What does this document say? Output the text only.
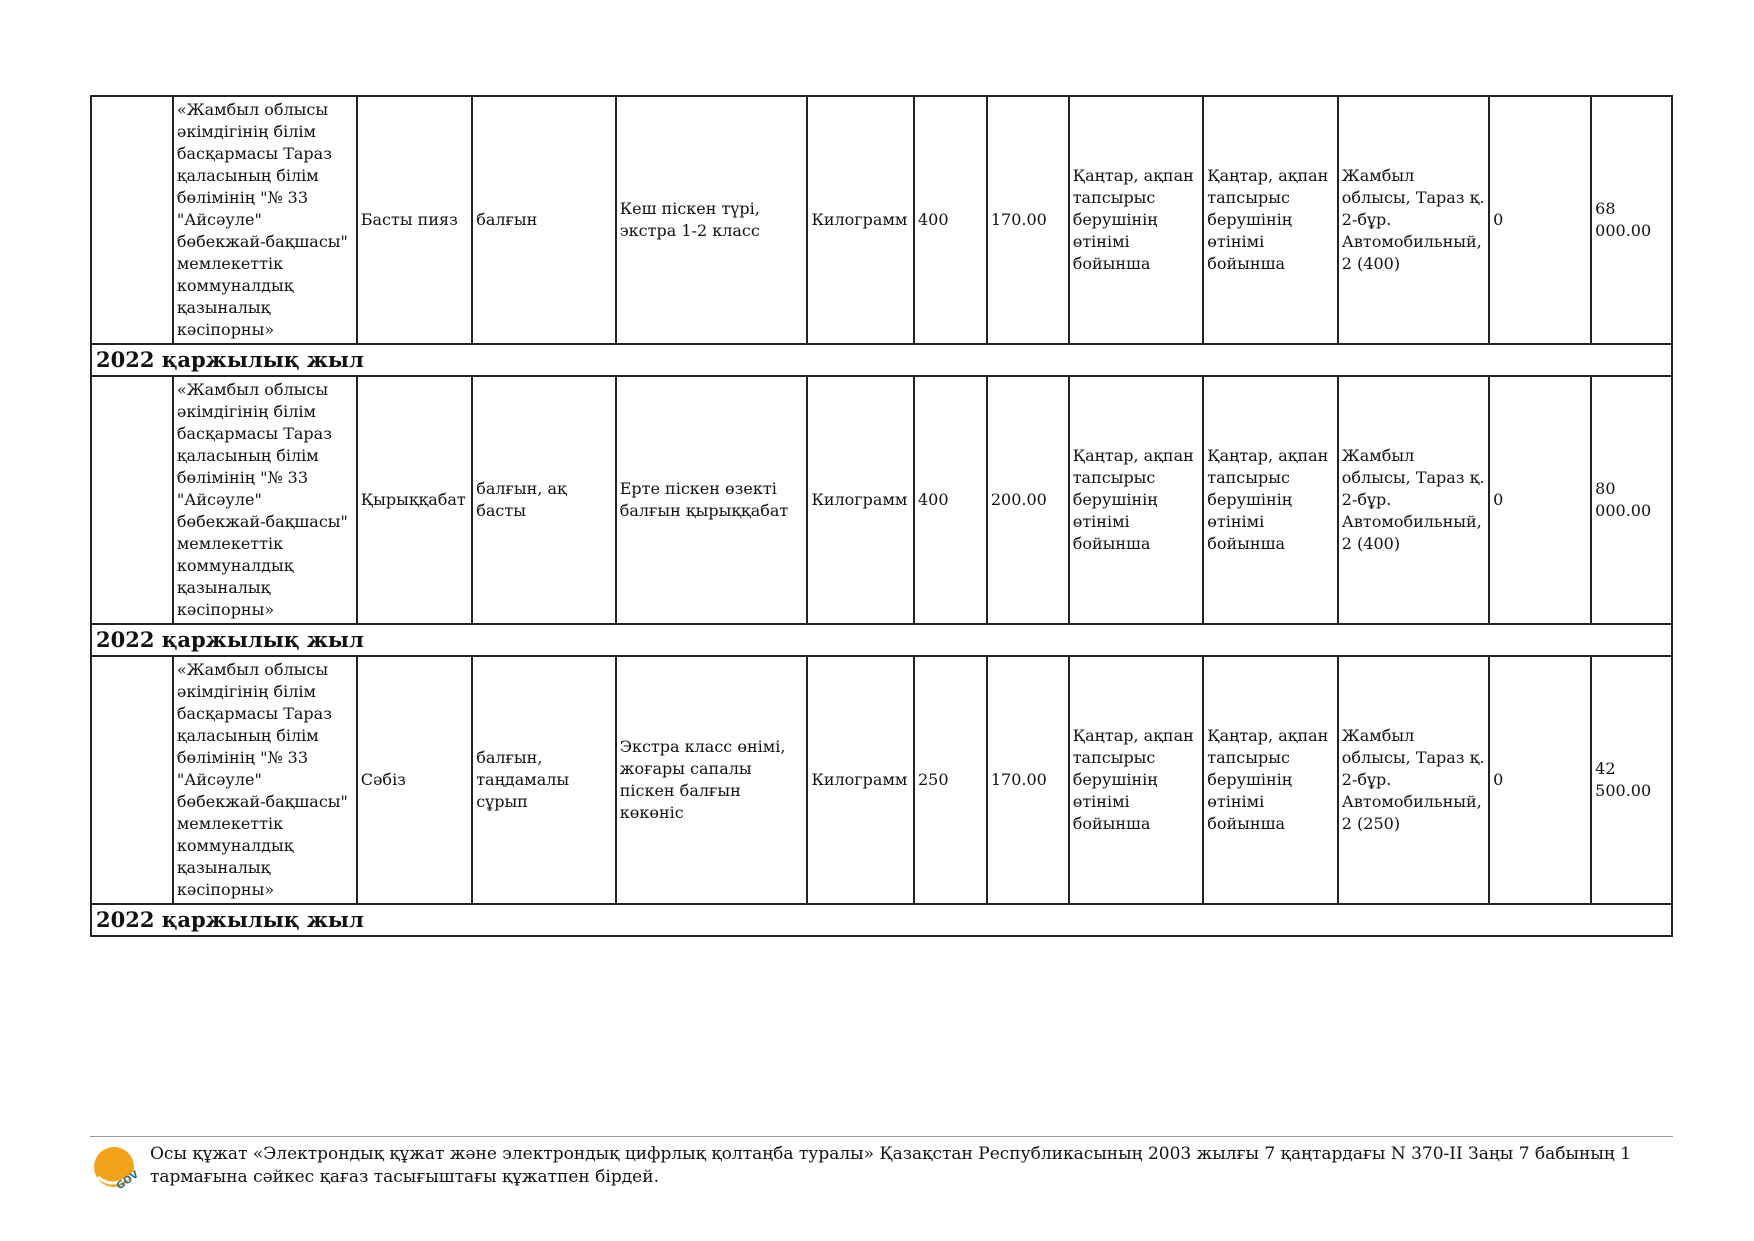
	«Жамбыл облысы әкімдігінің білім басқармасы Тараз қаласының білім бөлімінің "№ 33 "Айсәуле" бөбекжай-бақшасы" мемлекеттік коммуналдық қазыналық кәсіпорны»	Басты пияз	балғын	Кеш піскен түрі, экстра 1-2 класс	Килограмм	400	170.00	Қаңтар, ақпан тапсырыс берушінің өтінімі бойынша	Қаңтар, ақпан тапсырыс берушінің өтінімі бойынша	Жамбыл облысы, Тараз қ. 2-бұр. Автомобильный, 2 (400)	0	68 000.00
2022 қаржылық жыл												
	«Жамбыл облысы әкімдігінің білім басқармасы Тараз қаласының білім бөлімінің "№ 33 "Айсәуле" бөбекжай-бақшасы" мемлекеттік коммуналдық қазыналық кәсіпорны»	Қырыққабат	балғын, ақ басты	Ерте піскен өзекті балғын қырыққабат	Килограмм	400	200.00	Қаңтар, ақпан тапсырыс берушінің өтінімі бойынша	Қаңтар, ақпан тапсырыс берушінің өтінімі бойынша	Жамбыл облысы, Тараз қ. 2-бұр. Автомобильный, 2 (400)	0	80 000.00
2022 қаржылық жыл												
	«Жамбыл облысы әкімдігінің білім басқармасы Тараз қаласының білім бөлімінің "№ 33 "Айсәуле" бөбекжай-бақшасы" мемлекеттік коммуналдық қазыналық кәсіпорны»	Сәбіз	балғын, таңдамалы сұрып	Экстра класс өнімі, жоғары сапалы піскен балғын көкөніс	Килограмм	250	170.00	Қаңтар, ақпан тапсырыс берушінің өтінімі бойынша	Қаңтар, ақпан тапсырыс берушінің өтінімі бойынша	Жамбыл облысы, Тараз қ. 2-бұр. Автомобильный, 2 (250)	0	42 500.00
2022 қаржылық жыл												
GOV
Осы құжат «Электрондық құжат және электрондық цифрлық қолтаңба туралы» Қазақстан Республикасының 2003 жылғы 7 қаңтардағы N 370-II Заңы 7 бабының 1 тармағына сәйкес қағаз тасығыштағы құжатпен бірдей.
